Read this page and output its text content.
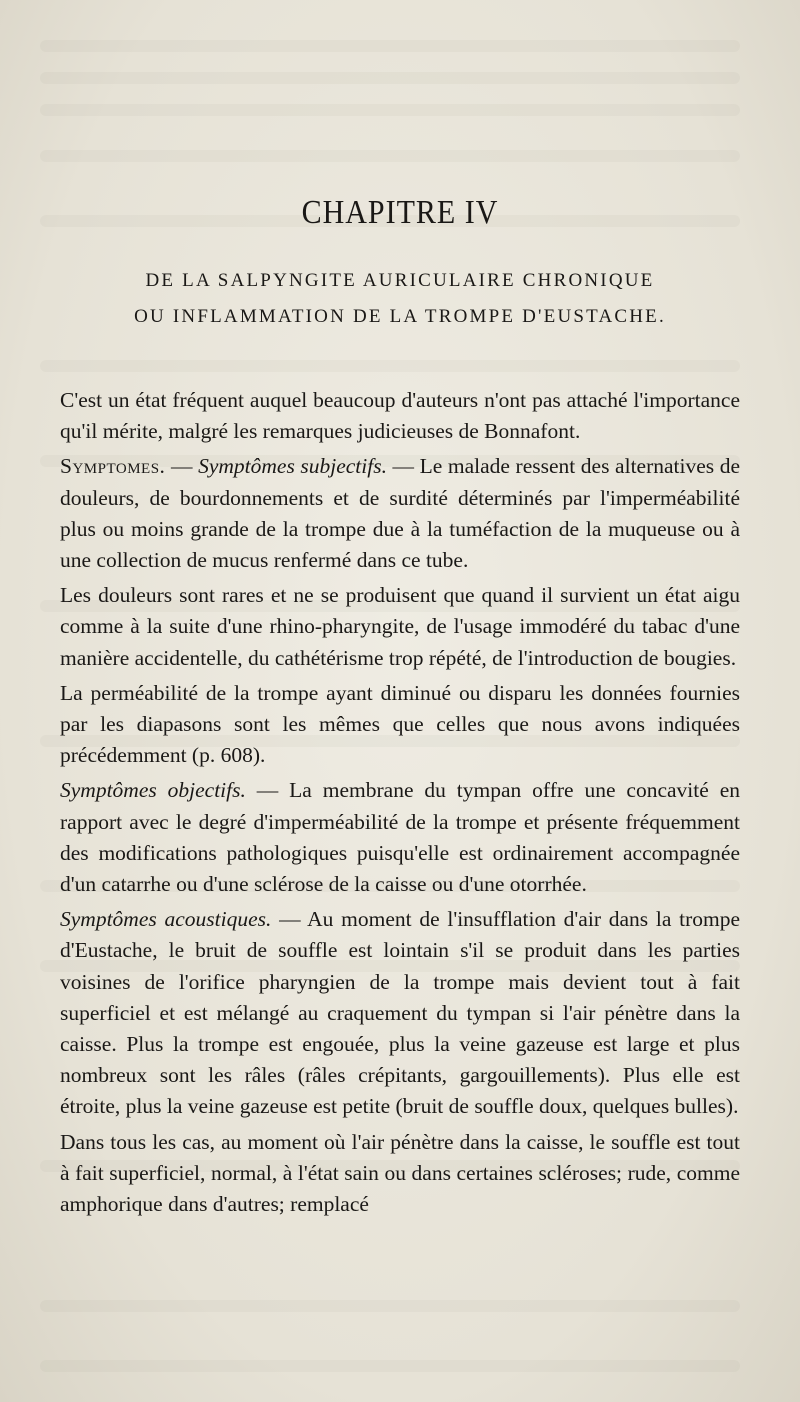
CHAPITRE IV
DE LA SALPYNGITE AURICULAIRE CHRONIQUE
OU INFLAMMATION DE LA TROMPE D'EUSTACHE.

C'est un état fréquent auquel beaucoup d'auteurs n'ont pas attaché l'importance qu'il mérite, malgré les remarques judicieuses de Bonnafont.

Symptomes. — Symptômes subjectifs. — Le malade ressent des alternatives de douleurs, de bourdonnements et de surdité déterminés par l'imperméabilité plus ou moins grande de la trompe due à la tuméfaction de la muqueuse ou à une collection de mucus renfermé dans ce tube.

Les douleurs sont rares et ne se produisent que quand il survient un état aigu comme à la suite d'une rhino-pharyngite, de l'usage immodéré du tabac d'une manière accidentelle, du cathétérisme trop répété, de l'introduction de bougies.

La perméabilité de la trompe ayant diminué ou disparu les données fournies par les diapasons sont les mêmes que celles que nous avons indiquées précédemment (p. 608).

Symptômes objectifs. — La membrane du tympan offre une concavité en rapport avec le degré d'imperméabilité de la trompe et présente fréquemment des modifications pathologiques puisqu'elle est ordinairement accompagnée d'un catarrhe ou d'une sclérose de la caisse ou d'une otorrhée.

Symptômes acoustiques. — Au moment de l'insufflation d'air dans la trompe d'Eustache, le bruit de souffle est lointain s'il se produit dans les parties voisines de l'orifice pharyngien de la trompe mais devient tout à fait superficiel et est mélangé au craquement du tympan si l'air pénètre dans la caisse. Plus la trompe est engouée, plus la veine gazeuse est large et plus nombreux sont les râles (râles crépitants, gargouillements). Plus elle est étroite, plus la veine gazeuse est petite (bruit de souffle doux, quelques bulles).

Dans tous les cas, au moment où l'air pénètre dans la caisse, le souffle est tout à fait superficiel, normal, à l'état sain ou dans certaines scléroses; rude, comme amphorique dans d'autres; remplacé
